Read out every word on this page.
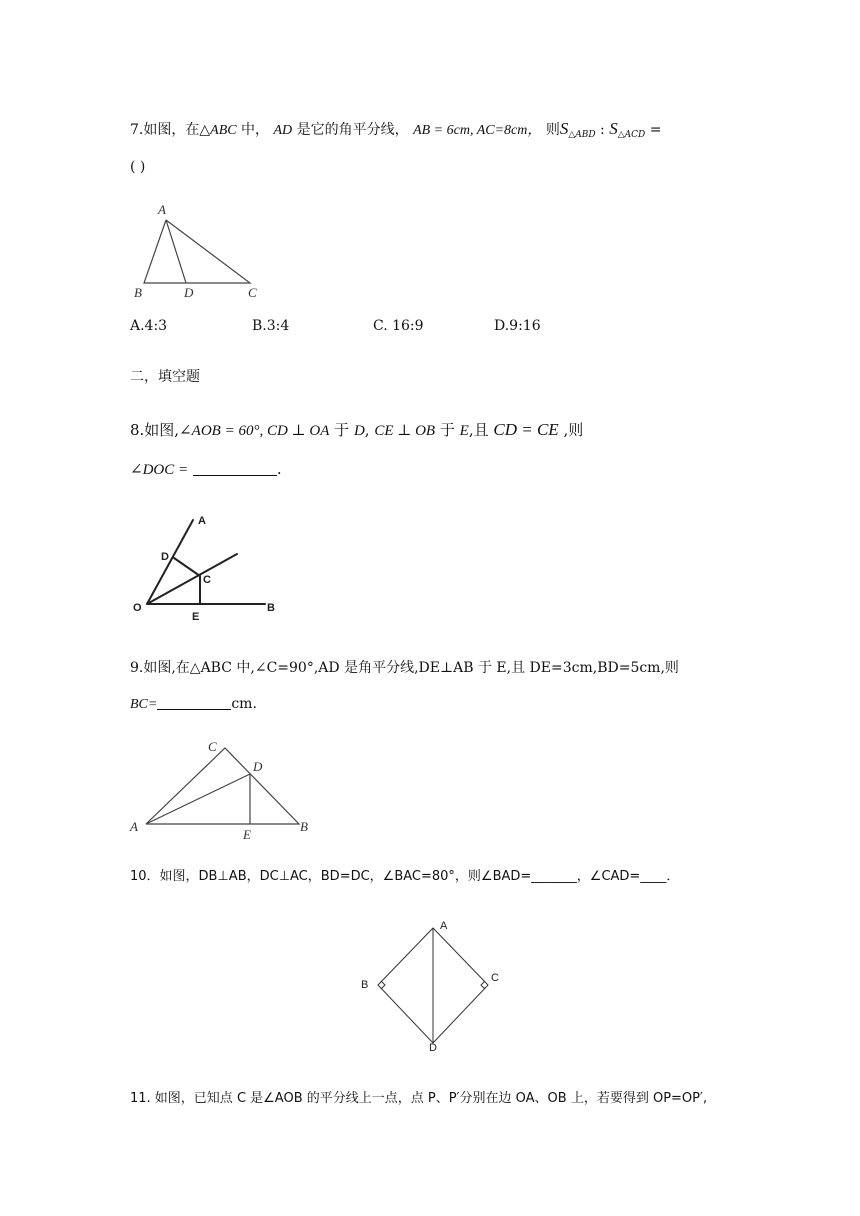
7.如图，在△ABC 中， AD 是它的角平分线， AB = 6cm, AC=8cm， 则$S_{\triangle ABD}$ : $S_{\triangle ACD}$ =
( )
A
B	D	C
A.4:3	B.3:4	C. 16:9	D.9:16
二，填空题
8.如图,∠AOB = 60°, CD ⊥ OA 于 D, CE ⊥ OB 于 E,且 CD = CE ,则
∠DOC =	.
A
D
C
O
E
B
9.如图,在△ABC 中,∠C=90°,AD 是角平分线,DE⊥AB 于 E,且 DE=3cm,BD=5cm,则
BC=	cm.
C
D
A
E
B
10．如图，DB⊥AB，DC⊥AC，BD=DC，∠BAC=80°，则∠BAD=_______，∠CAD=____．
A
B
C
D
11. 如图，已知点 C 是∠AOB 的平分线上一点，点 P、P′分别在边 OA、OB 上，若要得到 OP=OP′,
